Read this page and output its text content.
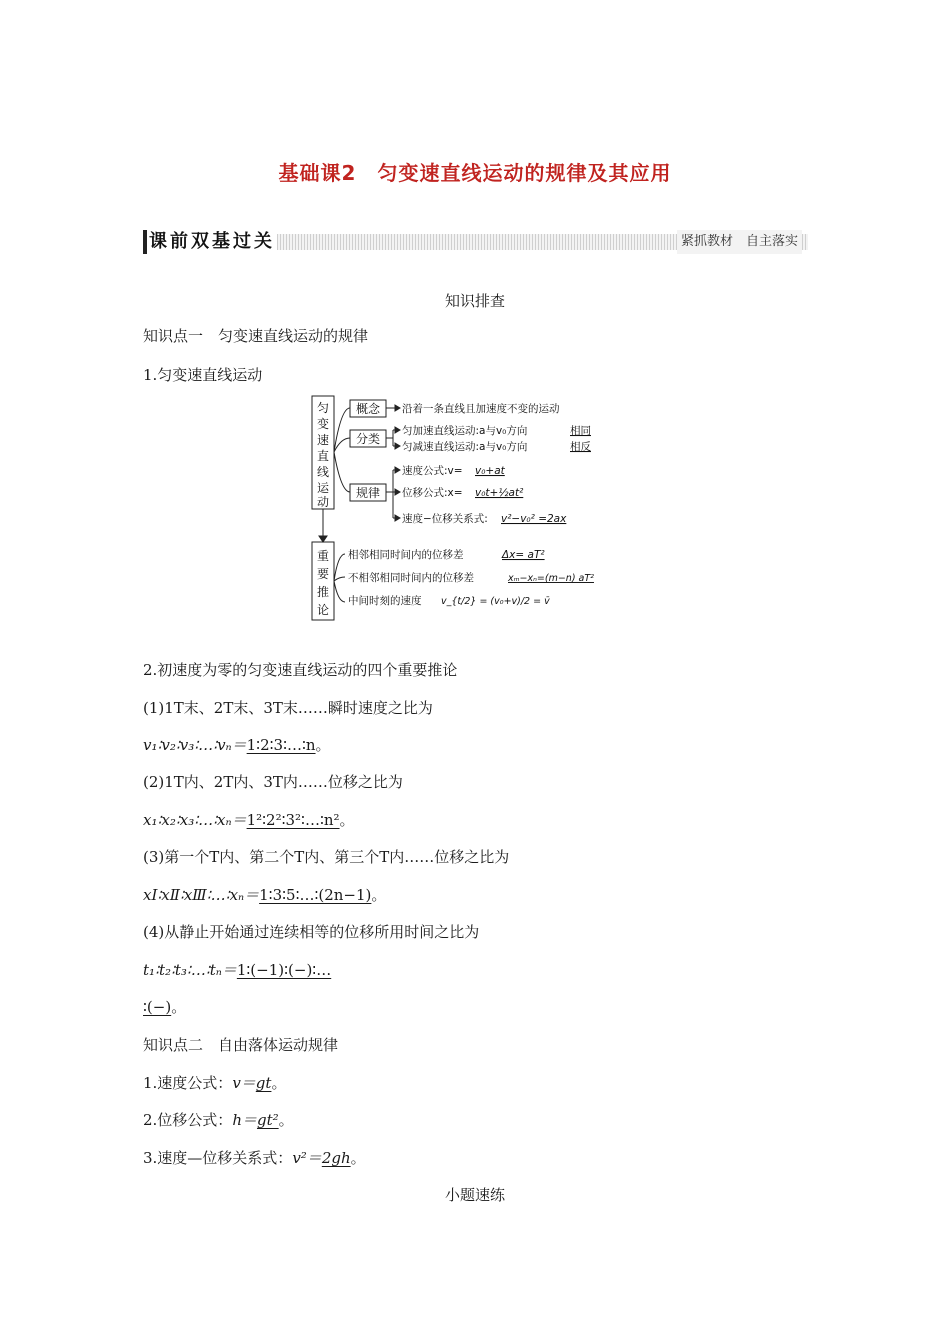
基础课2　匀变速直线运动的规律及其应用
课前双基过关	紧抓教材　自主落实
知识排查
知识点一　匀变速直线运动的规律
1.匀变速直线运动
匀
变
速
直
线
运
动
重
要
推
论
概念
分类
规律
沿着一条直线且加速度不变的运动
匀加速直线运动:a与v₀方向	相同
匀减速直线运动:a与v₀方向	相反
速度公式:v= v₀+at
位移公式:x= v₀t+½at²
速度−位移关系式: v²−v₀² =2ax
相邻相同时间内的位移差	Δx= aT²
不相邻相同时间内的位移差	xₘ−xₙ=(m−n) aT²
中间时刻的速度 v_{t/2} = (v₀+v)/2 = v̄
2.初速度为零的匀变速直线运动的四个重要推论
(1)1T末、2T末、3T末……瞬时速度之比为
v₁∶v₂∶v₃∶…∶vₙ＝1∶2∶3∶…∶n。
(2)1T内、2T内、3T内……位移之比为
x₁∶x₂∶x₃∶…∶xₙ＝1²∶2²∶3²∶…∶n²。
(3)第一个T内、第二个T内、第三个T内……位移之比为
xⅠ∶xⅡ∶xⅢ∶…∶xₙ＝1∶3∶5∶…∶(2n−1)。
(4)从静止开始通过连续相等的位移所用时间之比为
t₁∶t₂∶t₃∶…∶tₙ＝1∶(−1)∶(−)∶…
∶(−)。
知识点二　自由落体运动规律
1.速度公式：v＝gt。
2.位移公式：h＝gt²。
3.速度—位移关系式：v²＝2gh。
小题速练
